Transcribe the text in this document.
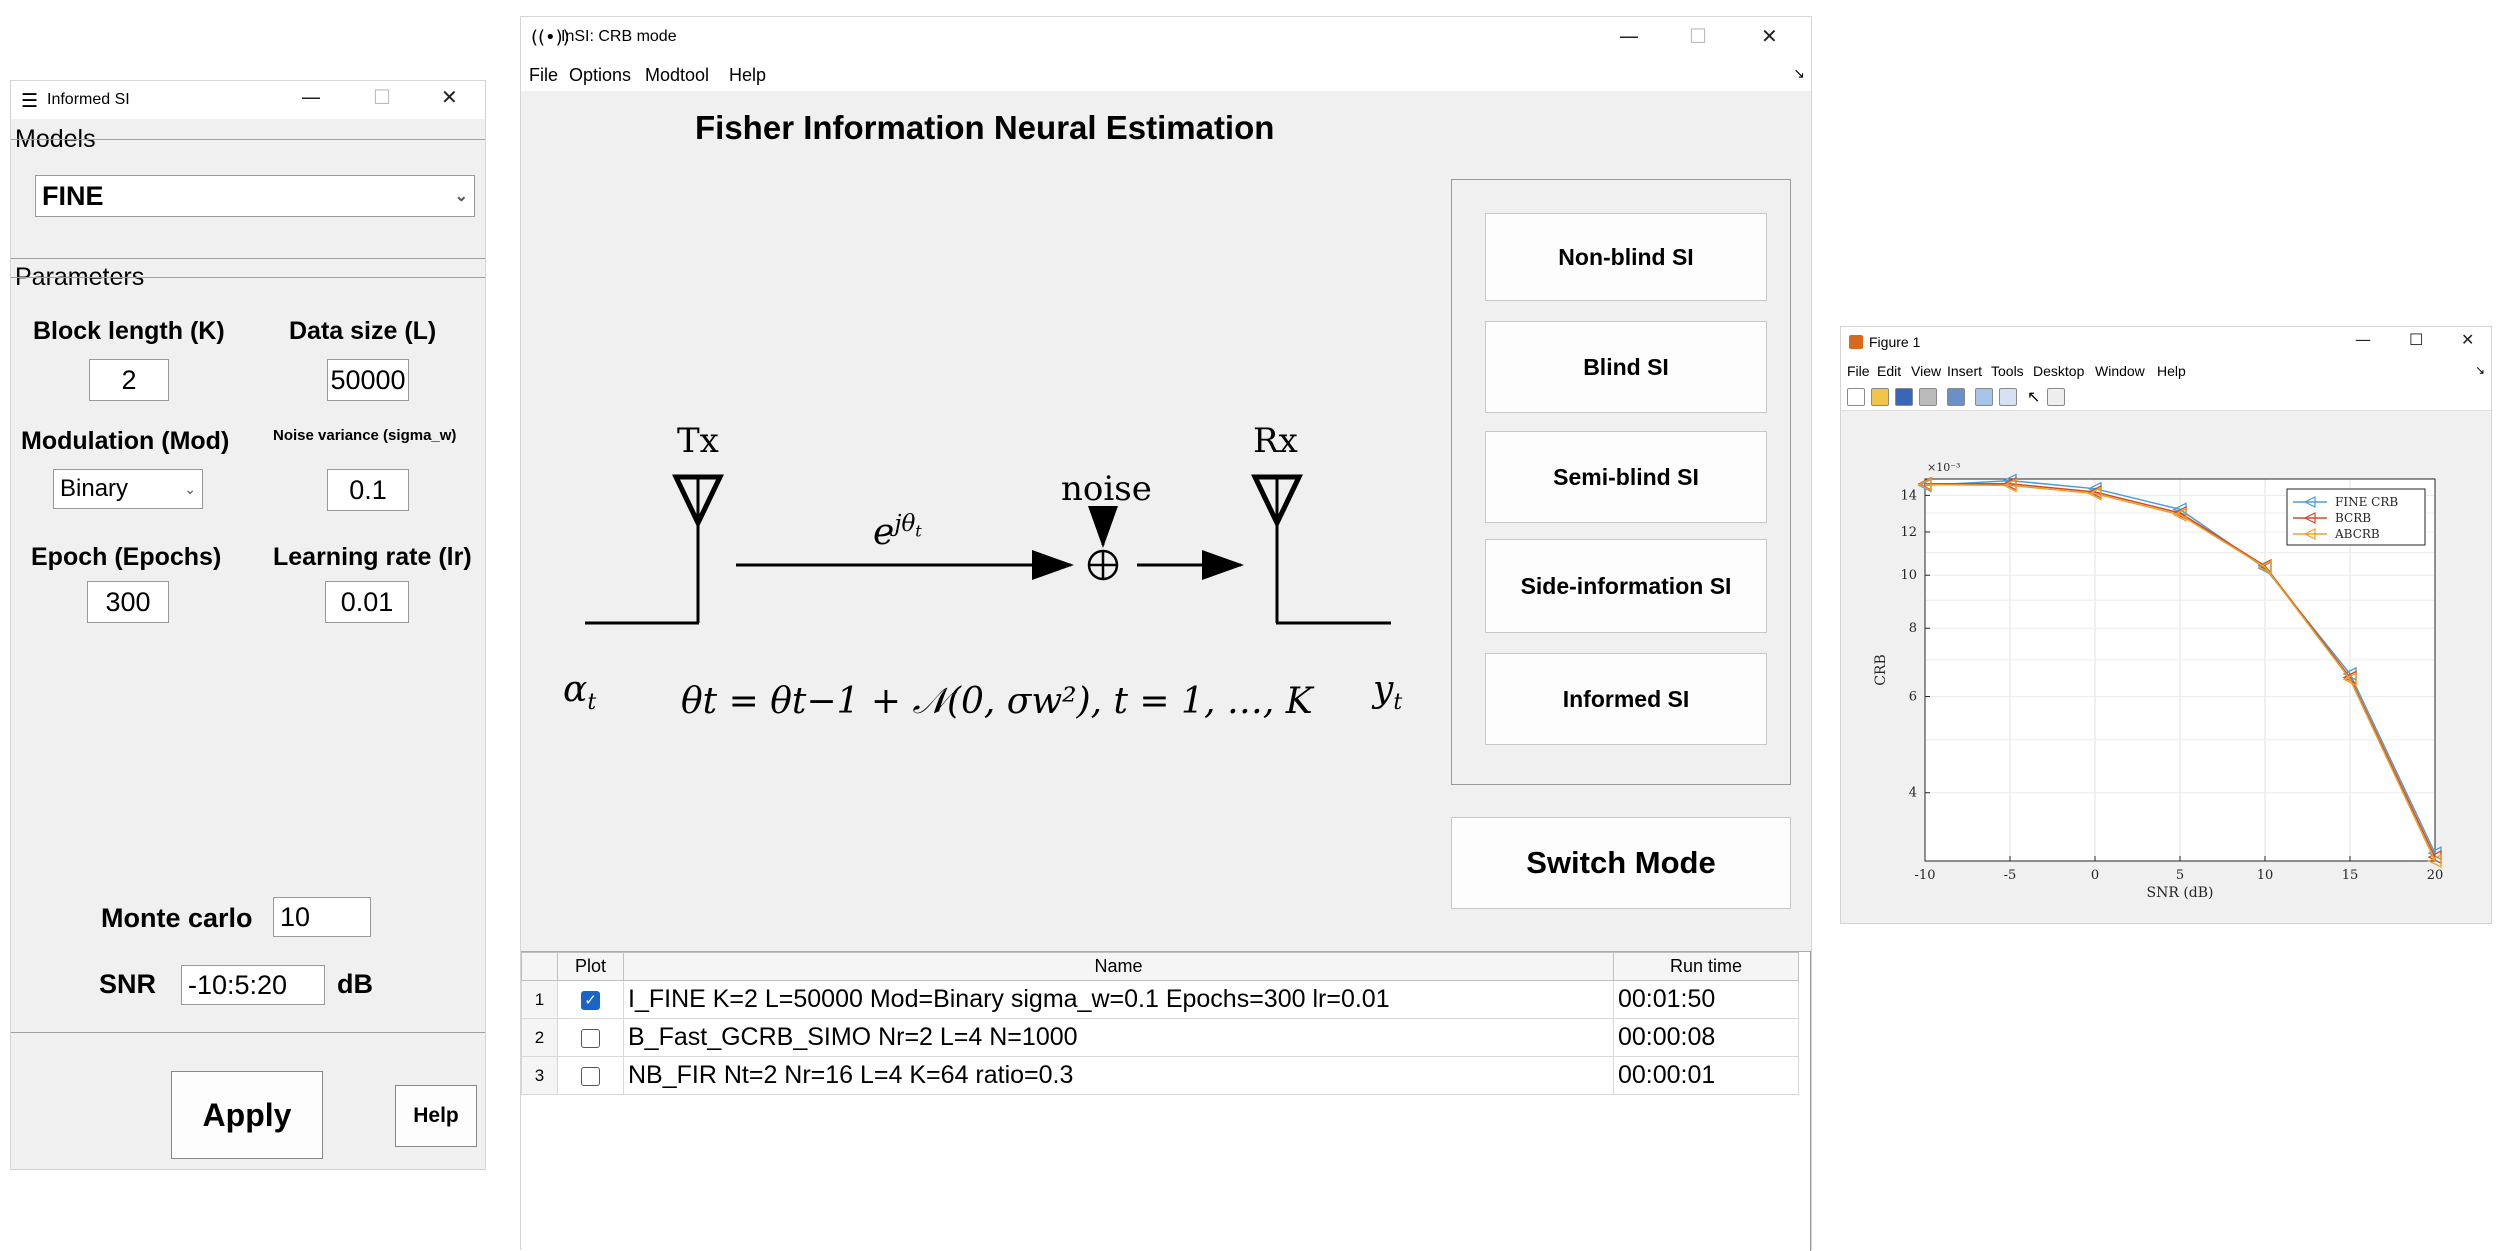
☰ Informed SI	—	☐	✕
Models
FINE	⌄
Parameters
Block length (K)
2
Data size (L)
50000
Modulation (Mod)
Binary	⌄
Noise variance (sigma_w)
0.1
Epoch (Epochs)
300
Learning rate (lr)
0.01
Monte carlo 10
SNR -10:5:20	dB
Apply	Help
((•))
InSI: CRB mode	—	☐	✕
File Options Modtool Help	↘
Fisher Information Neural Estimation
Tx	Rx
noise
$e^{j\theta_t}$
$\alpha_t$	$y_t$
θt = θt−1 + 𝒩(0, σw²), t = 1, …, K
Non-blind SI
Blind SI
Semi-blind SI
Side-information SI
Informed SI
Switch Mode
	Plot	Name	Run time
1	✓	I_FINE K=2 L=50000 Mod=Binary sigma_w=0.1 Epochs=300 lr=0.01	00:01:50
2		B_Fast_GCRB_SIMO Nr=2 L=4 N=1000	00:00:08
3		NB_FIR Nt=2 Nr=16 L=4 K=64 ratio=0.3	00:00:01
Figure 1	— ☐ ✕
File Edit View Insert Tools Desktop Window Help	↘
↖
-10	-5	0	5	10	15	20
4
6
8
10
12
14
SNR (dB)
CRB
×10⁻³
FINE CRB
BCRB
ABCRB
